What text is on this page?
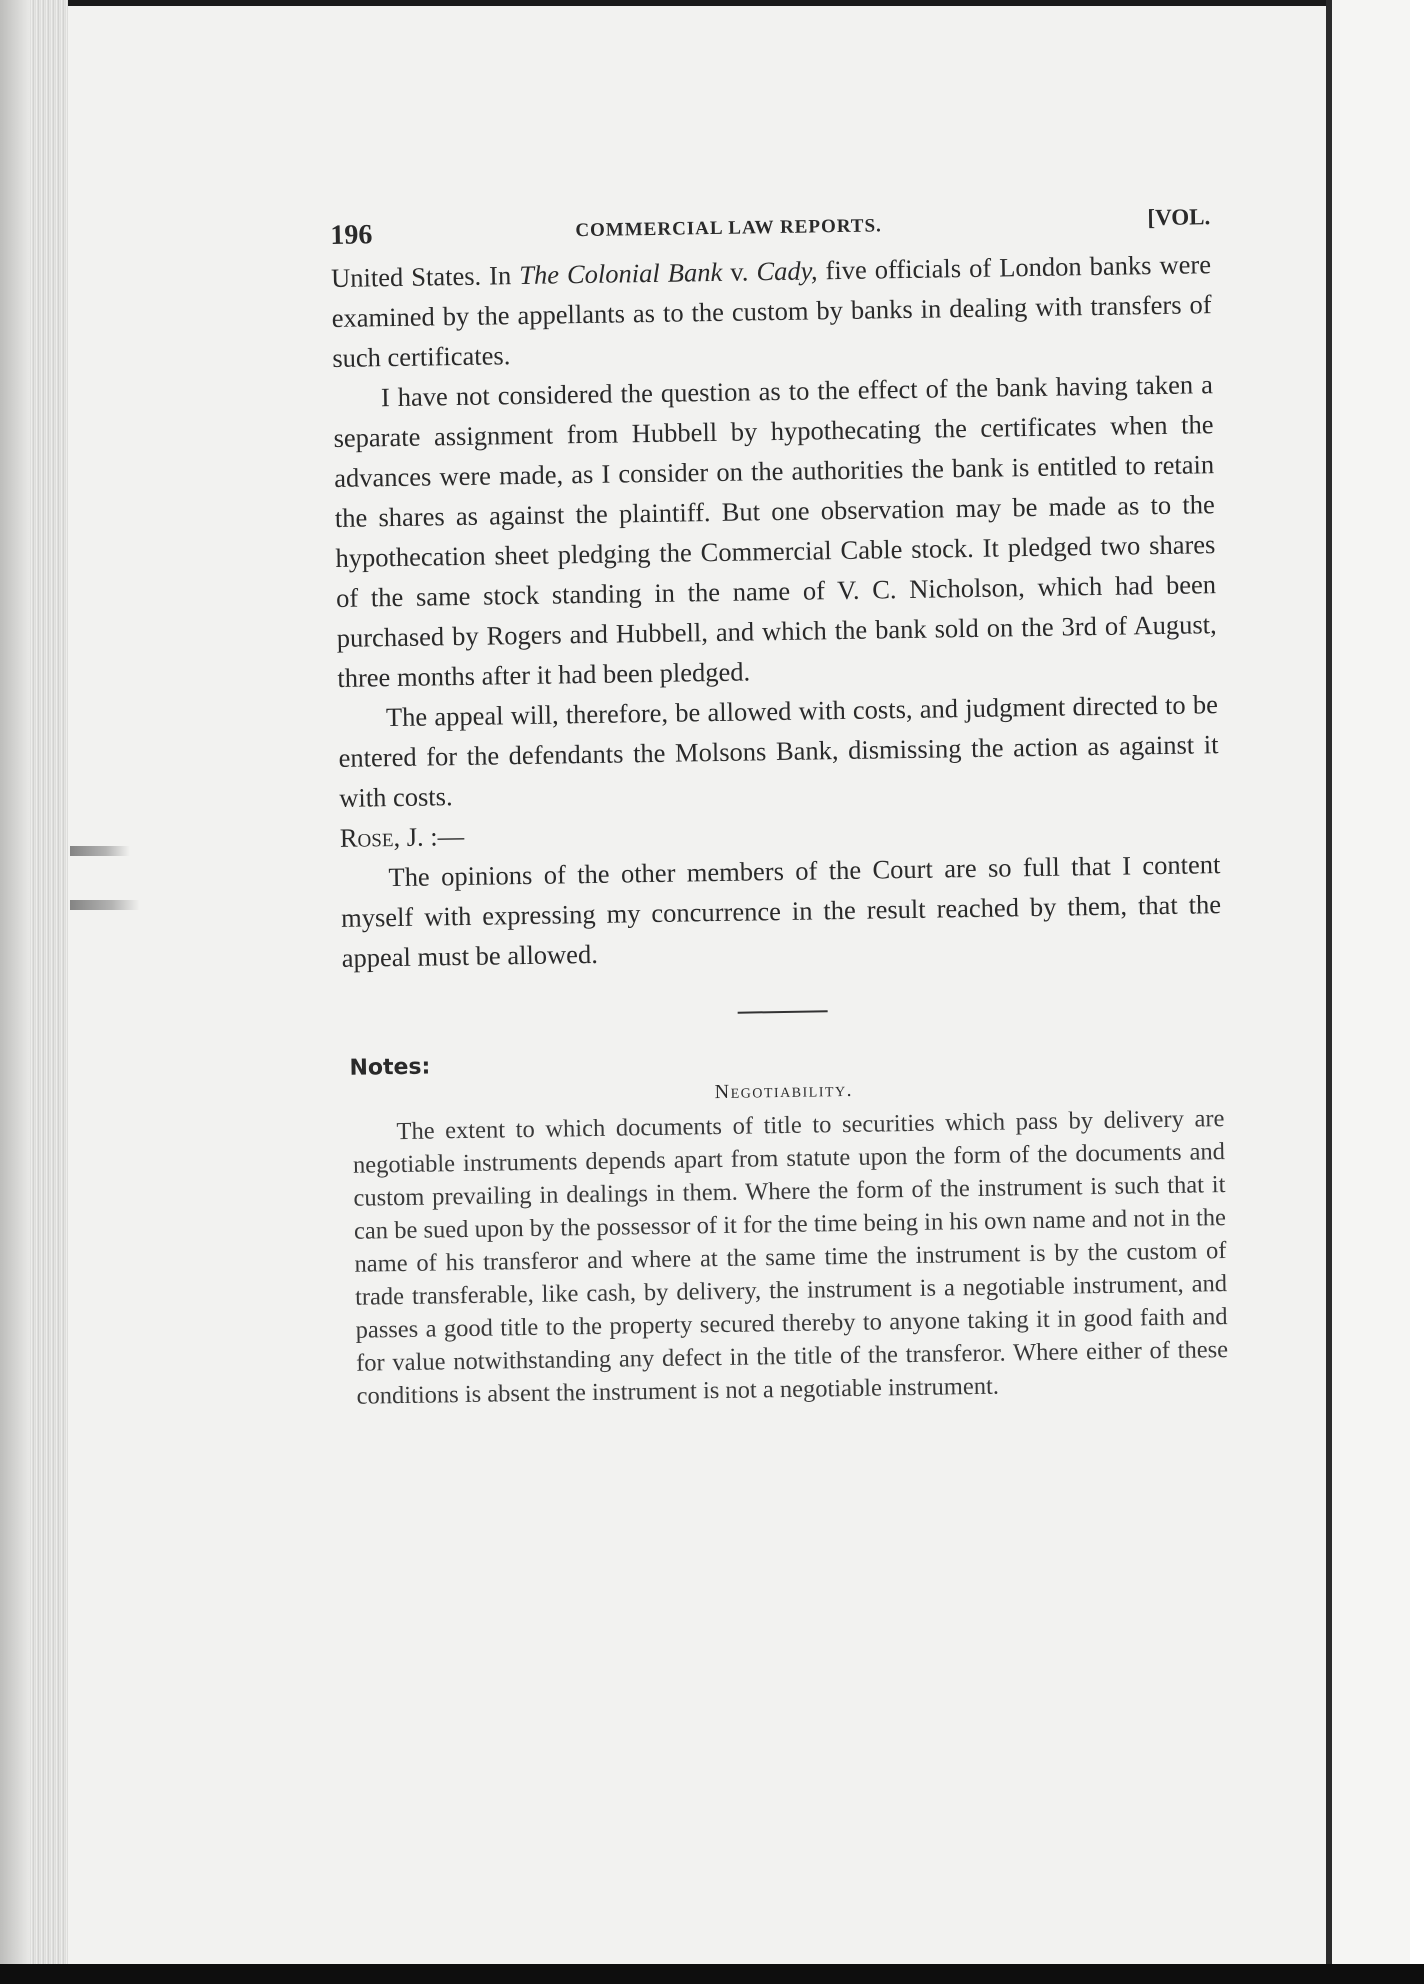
196	COMMERCIAL LAW REPORTS.	[VOL.

United States. In The Colonial Bank v. Cady, five officials of London banks were examined by the appellants as to the custom by banks in dealing with transfers of such certificates.

I have not considered the question as to the effect of the bank having taken a separate assignment from Hubbell by hypothecating the certificates when the advances were made, as I consider on the authorities the bank is entitled to retain the shares as against the plaintiff. But one observation may be made as to the hypothecation sheet pledging the Commercial Cable stock. It pledged two shares of the same stock standing in the name of V. C. Nicholson, which had been purchased by Rogers and Hubbell, and which the bank sold on the 3rd of August, three months after it had been pledged.

The appeal will, therefore, be allowed with costs, and judgment directed to be entered for the defendants the Molsons Bank, dismissing the action as against it with costs.

Rose, J. :—

The opinions of the other members of the Court are so full that I content myself with expressing my concurrence in the result reached by them, that the appeal must be allowed.

Notes:
Negotiability.

The extent to which documents of title to securities which pass by delivery are negotiable instruments depends apart from statute upon the form of the documents and custom prevailing in dealings in them. Where the form of the instrument is such that it can be sued upon by the possessor of it for the time being in his own name and not in the name of his transferor and where at the same time the instrument is by the custom of trade transferable, like cash, by delivery, the instrument is a negotiable instrument, and passes a good title to the property secured thereby to anyone taking it in good faith and for value notwithstanding any defect in the title of the transferor. Where either of these conditions is absent the instrument is not a negotiable instrument.
